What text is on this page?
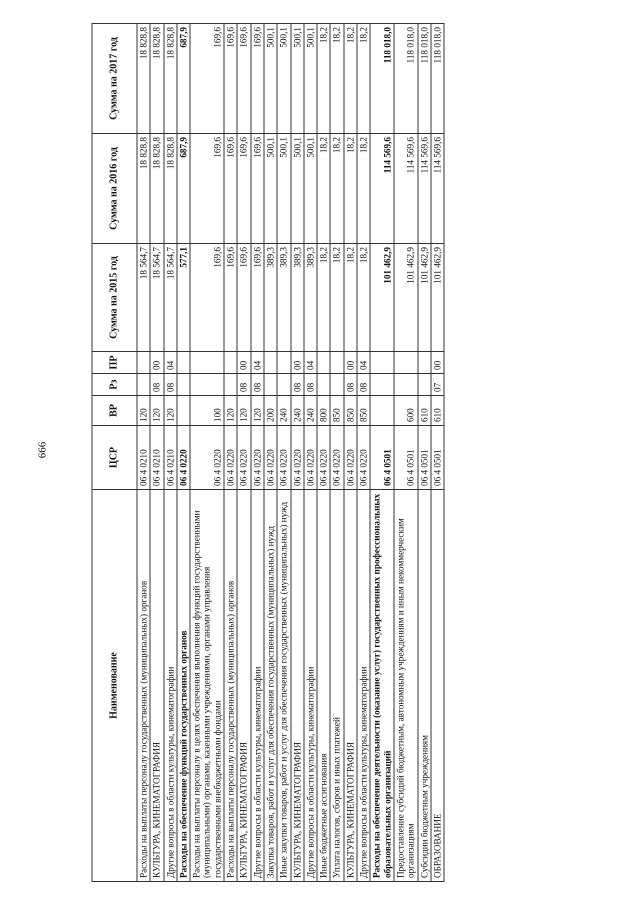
666
Наименование	ЦСР	ВР	Рз	ПР	Сумма на 2015 год	Сумма на 2016 год	Сумма на 2017 год
Расходы на выплаты персоналу государственных (муниципальных) органов	06 4 0210	120			18 564,7	18 828,8	18 828,8
КУЛЬТУРА, КИНЕМАТОГРАФИЯ	06 4 0210	120	08	00	18 564,7	18 828,8	18 828,8
Другие вопросы в области культуры, кинематографии	06 4 0210	120	08	04	18 564,7	18 828,8	18 828,8
Расходы на обеспечение функций государственных органов	06 4 0220				577,1	687,9	687,9
Расходы на выплаты персоналу в целях обеспечения выполнения функций государственными (муниципальными) органами, казенными учреждениями, органами управления государственными внебюджетными фондами	06 4 0220	100			169,6	169,6	169,6
Расходы на выплаты персоналу государственных (муниципальных) органов	06 4 0220	120			169,6	169,6	169,6
КУЛЬТУРА, КИНЕМАТОГРАФИЯ	06 4 0220	120	08	00	169,6	169,6	169,6
Другие вопросы в области культуры, кинематографии	06 4 0220	120	08	04	169,6	169,6	169,6
Закупка товаров, работ и услуг для обеспечения государственных (муниципальных) нужд	06 4 0220	200			389,3	500,1	500,1
Иные закупки товаров, работ и услуг для обеспечения государственных (муниципальных) нужд	06 4 0220	240			389,3	500,1	500,1
КУЛЬТУРА, КИНЕМАТОГРАФИЯ	06 4 0220	240	08	00	389,3	500,1	500,1
Другие вопросы в области культуры, кинематографии	06 4 0220	240	08	04	389,3	500,1	500,1
Иные бюджетные ассигнования	06 4 0220	800			18,2	18,2	18,2
Уплата налогов, сборов и иных платежей	06 4 0220	850			18,2	18,2	18,2
КУЛЬТУРА, КИНЕМАТОГРАФИЯ	06 4 0220	850	08	00	18,2	18,2	18,2
Другие вопросы в области культуры, кинематографии	06 4 0220	850	08	04	18,2	18,2	18,2
Расходы на обеспечение деятельности (оказание услуг) государственных профессиональных образовательных организаций	06 4 0501				101 462,9	114 569,6	118 018,0
Предоставление субсидий бюджетным, автономным учреждениям и иным некоммерческим организациям	06 4 0501	600			101 462,9	114 569,6	118 018,0
Субсидии бюджетным учреждениям	06 4 0501	610			101 462,9	114 569,6	118 018,0
ОБРАЗОВАНИЕ	06 4 0501	610	07	00	101 462,9	114 569,6	118 018,0
